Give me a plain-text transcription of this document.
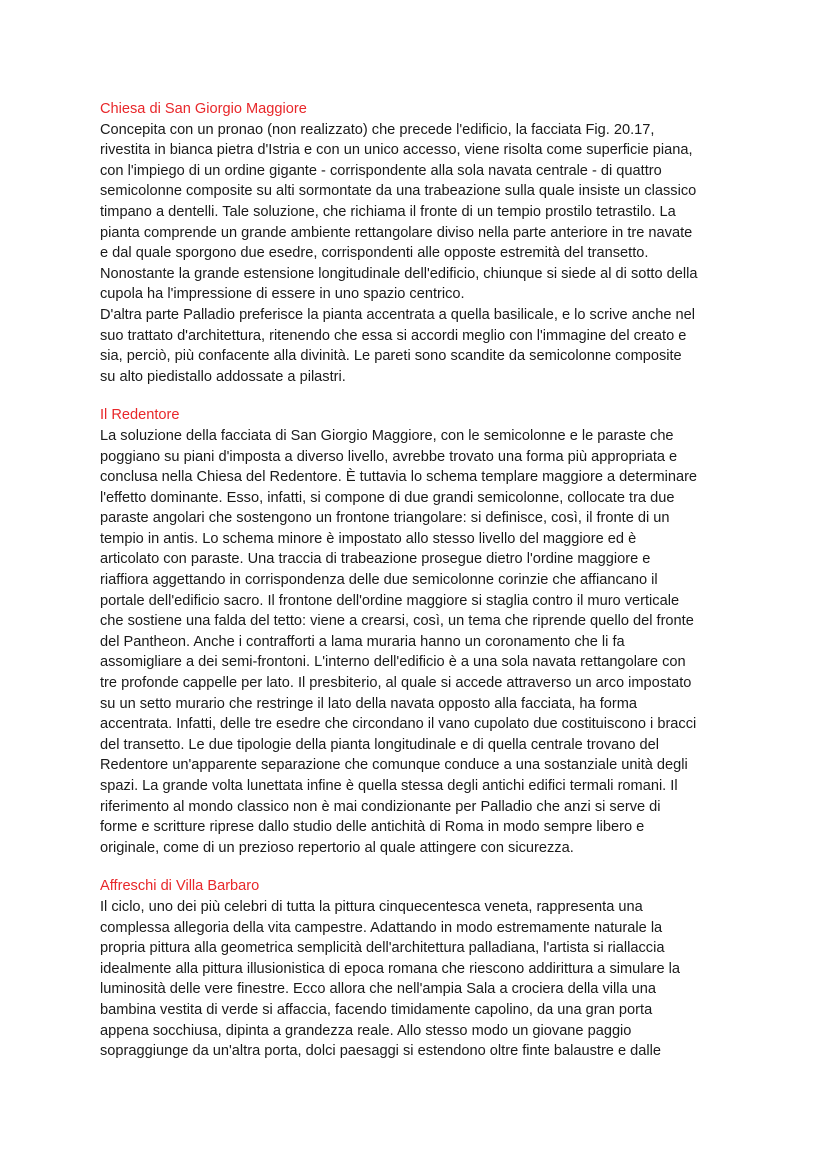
Chiesa di San Giorgio Maggiore
Concepita con un pronao (non realizzato) che precede l'edificio, la facciata Fig. 20.17,
rivestita in bianca pietra d'Istria e con un unico accesso, viene risolta come superficie piana,
con l'impiego di un ordine gigante - corrispondente alla sola navata centrale - di quattro
semicolonne composite su alti sormontate da una trabeazione sulla quale insiste un classico
timpano a dentelli. Tale soluzione, che richiama il fronte di un tempio prostilo tetrastilo. La
pianta comprende un grande ambiente rettangolare diviso nella parte anteriore in tre navate
e dal quale sporgono due esedre, corrispondenti alle opposte estremità del transetto.
Nonostante la grande estensione longitudinale dell'edificio, chiunque si siede al di sotto della
cupola ha l'impressione di essere in uno spazio centrico.
D'altra parte Palladio preferisce la pianta accentrata a quella basilicale, e lo scrive anche nel
suo trattato d'architettura, ritenendo che essa si accordi meglio con l'immagine del creato e
sia, perciò, più confacente alla divinità. Le pareti sono scandite da semicolonne composite
su alto piedistallo addossate a pilastri.
Il Redentore
La soluzione della facciata di San Giorgio Maggiore, con le semicolonne e le paraste che
poggiano su piani d'imposta a diverso livello, avrebbe trovato una forma più appropriata e
conclusa nella Chiesa del Redentore. È tuttavia lo schema templare maggiore a determinare
l'effetto dominante. Esso, infatti, si compone di due grandi semicolonne, collocate tra due
paraste angolari che sostengono un frontone triangolare: si definisce, così, il fronte di un
tempio in antis. Lo schema minore è impostato allo stesso livello del maggiore ed è
articolato con paraste. Una traccia di trabeazione prosegue dietro l'ordine maggiore e
riaffiora aggettando in corrispondenza delle due semicolonne corinzie che affiancano il
portale dell'edificio sacro. Il frontone dell'ordine maggiore si staglia contro il muro verticale
che sostiene una falda del tetto: viene a crearsi, così, un tema che riprende quello del fronte
del Pantheon. Anche i contrafforti a lama muraria hanno un coronamento che li fa
assomigliare a dei semi-frontoni. L'interno dell'edificio è a una sola navata rettangolare con
tre profonde cappelle per lato. Il presbiterio, al quale si accede attraverso un arco impostato
su un setto murario che restringe il lato della navata opposto alla facciata, ha forma
accentrata. Infatti, delle tre esedre che circondano il vano cupolato due costituiscono i bracci
del transetto. Le due tipologie della pianta longitudinale e di quella centrale trovano del
Redentore un'apparente separazione che comunque conduce a una sostanziale unità degli
spazi. La grande volta lunettata infine è quella stessa degli antichi edifici termali romani. Il
riferimento al mondo classico non è mai condizionante per Palladio che anzi si serve di
forme e scritture riprese dallo studio delle antichità di Roma in modo sempre libero e
originale, come di un prezioso repertorio al quale attingere con sicurezza.
Affreschi di Villa Barbaro
Il ciclo, uno dei più celebri di tutta la pittura cinquecentesca veneta, rappresenta una
complessa allegoria della vita campestre. Adattando in modo estremamente naturale la
propria pittura alla geometrica semplicità dell'architettura palladiana, l'artista si riallaccia
idealmente alla pittura illusionistica di epoca romana che riescono addirittura a simulare la
luminosità delle vere finestre. Ecco allora che nell'ampia Sala a crociera della villa una
bambina vestita di verde si affaccia, facendo timidamente capolino, da una gran porta
appena socchiusa, dipinta a grandezza reale. Allo stesso modo un giovane paggio
sopraggiunge da un'altra porta, dolci paesaggi si estendono oltre finte balaustre e dalle
